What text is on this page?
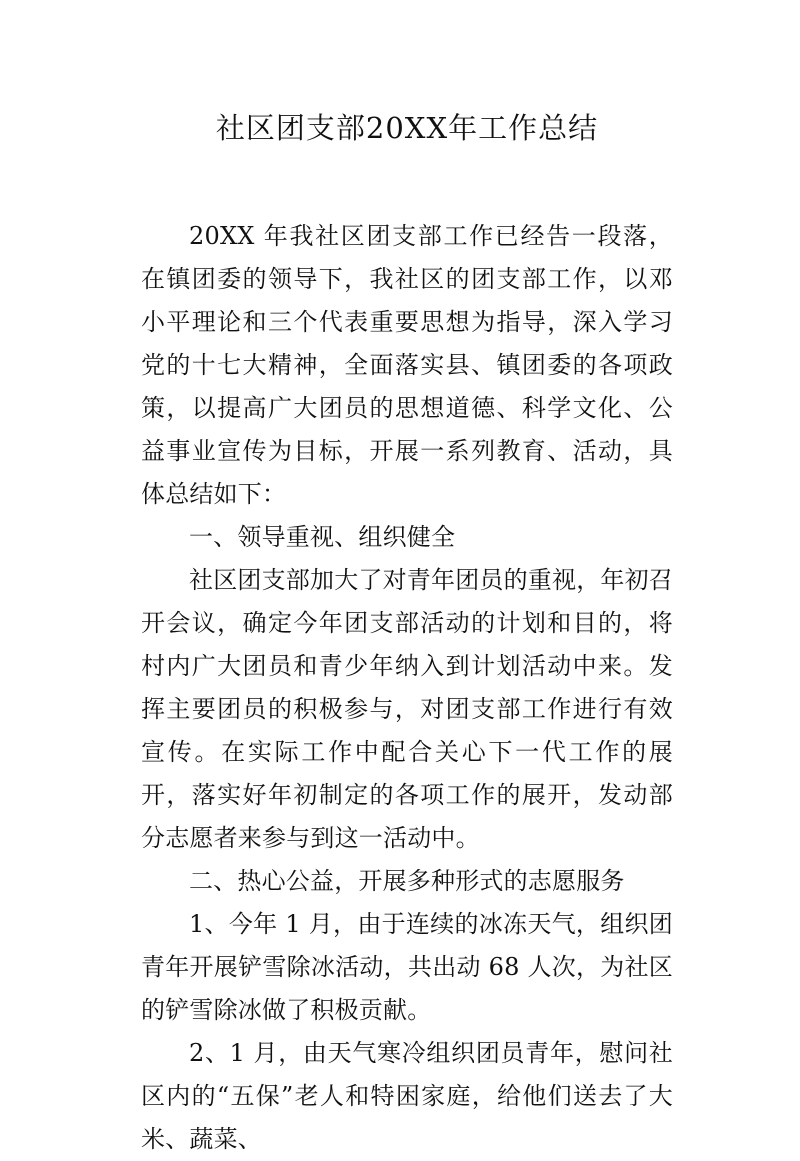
社区团支部20XX年工作总结

20XX 年我社区团支部工作已经告一段落，在镇团委的领导下，我社区的团支部工作，以邓小平理论和三个代表重要思想为指导，深入学习党的十七大精神，全面落实县、镇团委的各项政策，以提高广大团员的思想道德、科学文化、公益事业宣传为目标，开展一系列教育、活动，具体总结如下：

一、领导重视、组织健全

社区团支部加大了对青年团员的重视，年初召开会议，确定今年团支部活动的计划和目的，将村内广大团员和青少年纳入到计划活动中来。发挥主要团员的积极参与，对团支部工作进行有效宣传。在实际工作中配合关心下一代工作的展开，落实好年初制定的各项工作的展开，发动部分志愿者来参与到这一活动中。

二、热心公益，开展多种形式的志愿服务

1、今年 1 月，由于连续的冰冻天气，组织团青年开展铲雪除冰活动，共出动 68 人次，为社区的铲雪除冰做了积极贡献。

2、1 月，由天气寒冷组织团员青年，慰问社区内的“五保”老人和特困家庭，给他们送去了大米、蔬菜、
